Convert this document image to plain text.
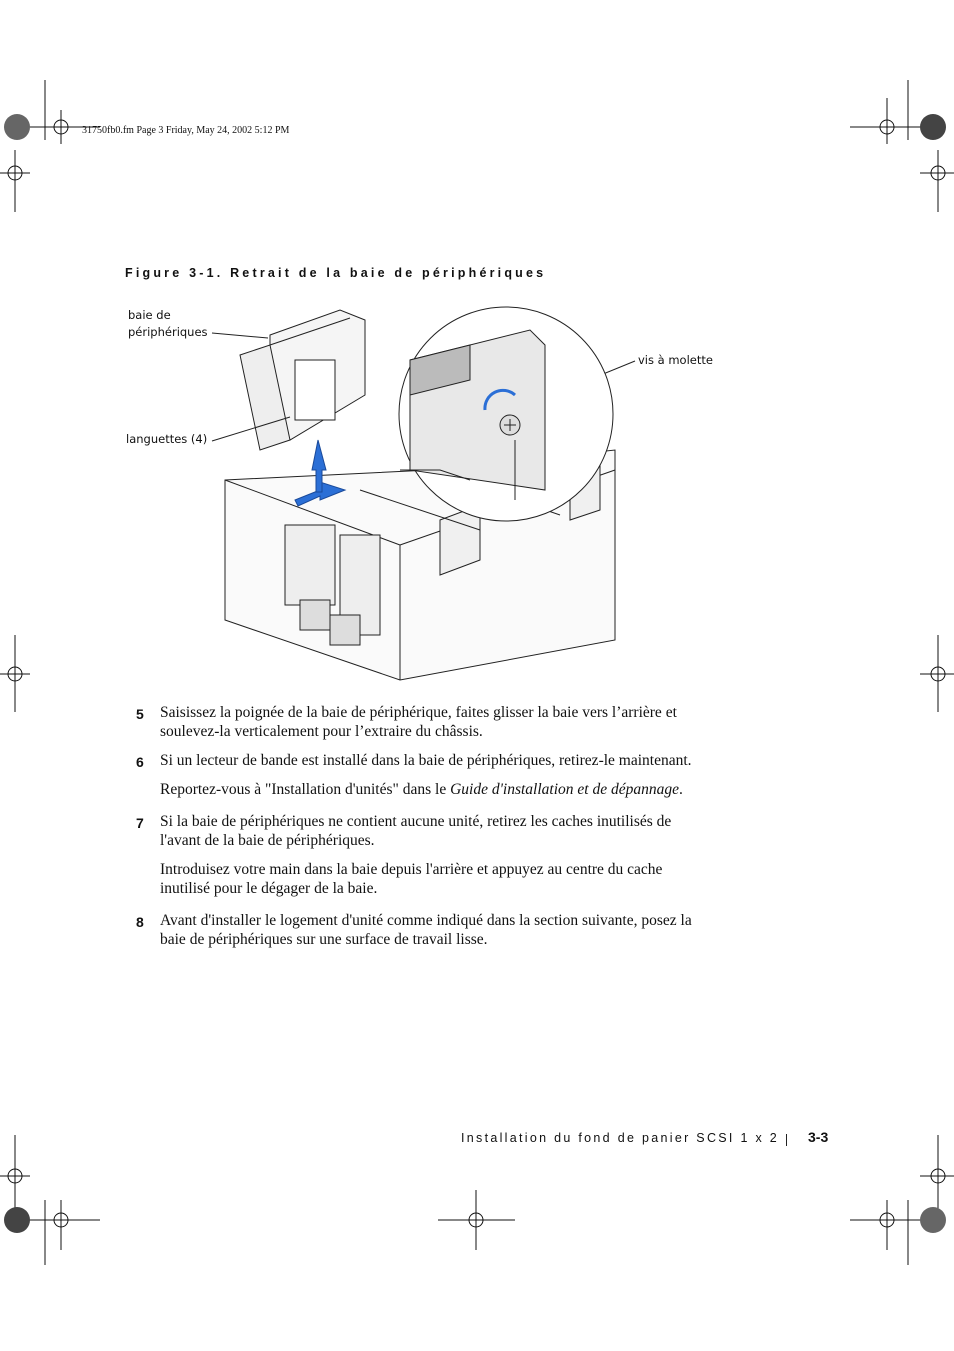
31750fb0.fm Page 3 Friday, May 24, 2002 5:12 PM
Figure 3-1. Retrait de la baie de périphériques
baie de
périphériques
languettes (4)
vis à molette
5 Saisissez la poignée de la baie de périphérique, faites glisser la baie vers l’arrière et
soulevez-la verticalement pour l’extraire du châssis.
6 Si un lecteur de bande est installé dans la baie de périphériques, retirez-le maintenant.
Reportez-vous à "Installation d'unités" dans le Guide d'installation et de dépannage.
7 Si la baie de périphériques ne contient aucune unité, retirez les caches inutilisés de
l'avant de la baie de périphériques.
Introduisez votre main dans la baie depuis l'arrière et appuyez au centre du cache
inutilisé pour le dégager de la baie.
8 Avant d'installer le logement d'unité comme indiqué dans la section suivante, posez la
baie de périphériques sur une surface de travail lisse.
Installation du fond de panier SCSI 1 x 2 3-3
